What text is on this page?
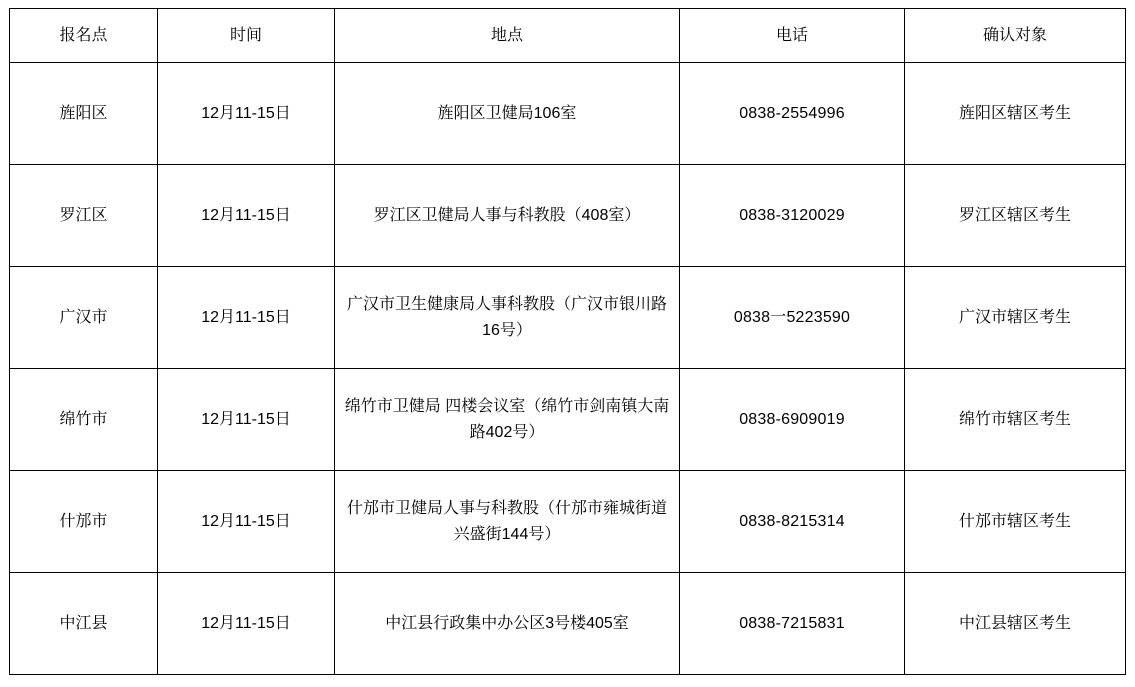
报名点	时间	地点	电话	确认对象
旌阳区	12月11-15日	旌阳区卫健局106室	0838-2554996	旌阳区辖区考生
罗江区	12月11-15日	罗江区卫健局人事与科教股（408室）	0838-3120029	罗江区辖区考生
广汉市	12月11-15日	广汉市卫生健康局人事科教股（广汉市银川路16号）	0838一5223590	广汉市辖区考生
绵竹市	12月11-15日	绵竹市卫健局 四楼会议室（绵竹市剑南镇大南路402号）	0838-6909019	绵竹市辖区考生
什邡市	12月11-15日	什邡市卫健局人事与科教股（什邡市雍城街道兴盛街144号）	0838-8215314	什邡市辖区考生
中江县	12月11-15日	中江县行政集中办公区3号楼405室	0838-7215831	中江县辖区考生
